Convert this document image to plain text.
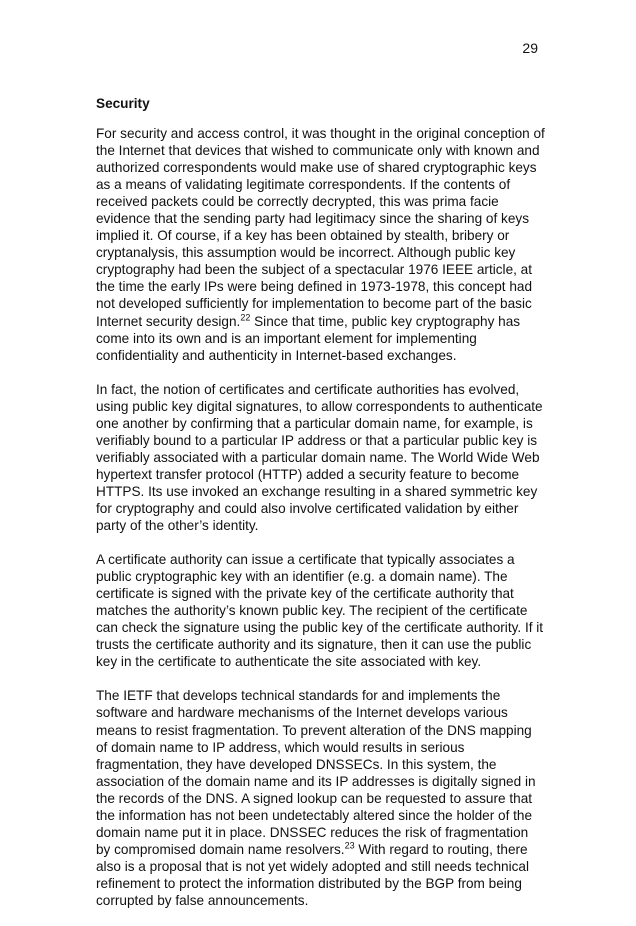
29
Security

For security and access control, it was thought in the original conception of the Internet that devices that wished to communicate only with known and authorized correspondents would make use of shared cryptographic keys as a means of validating legitimate correspondents. If the contents of received packets could be correctly decrypted, this was prima facie evidence that the sending party had legitimacy since the sharing of keys implied it. Of course, if a key has been obtained by stealth, bribery or cryptanalysis, this assumption would be incorrect. Although public key cryptography had been the subject of a spectacular 1976 IEEE article, at the time the early IPs were being defined in 1973-1978, this concept had not developed sufficiently for implementation to become part of the basic Internet security design.$^{22}$ Since that time, public key cryptography has come into its own and is an important element for implementing confidentiality and authenticity in Internet-based exchanges.

In fact, the notion of certificates and certificate authorities has evolved, using public key digital signatures, to allow correspondents to authenticate one another by confirming that a particular domain name, for example, is verifiably bound to a particular IP address or that a particular public key is verifiably associated with a particular domain name. The World Wide Web hypertext transfer protocol (HTTP) added a security feature to become HTTPS. Its use invoked an exchange resulting in a shared symmetric key for cryptography and could also involve certificated validation by either party of the other’s identity.

A certificate authority can issue a certificate that typically associates a public cryptographic key with an identifier (e.g. a domain name). The certificate is signed with the private key of the certificate authority that matches the authority’s known public key. The recipient of the certificate can check the signature using the public key of the certificate authority. If it trusts the certificate authority and its signature, then it can use the public key in the certificate to authenticate the site associated with key.

The IETF that develops technical standards for and implements the software and hardware mechanisms of the Internet develops various means to resist fragmentation. To prevent alteration of the DNS mapping of domain name to IP address, which would results in serious fragmentation, they have developed DNSSECs. In this system, the association of the domain name and its IP addresses is digitally signed in the records of the DNS. A signed lookup can be requested to assure that the information has not been undetectably altered since the holder of the domain name put it in place. DNSSEC reduces the risk of fragmentation by compromised domain name resolvers.$^{23}$ With regard to routing, there also is a proposal that is not yet widely adopted and still needs technical refinement to protect the information distributed by the BGP from being corrupted by false announcements.
